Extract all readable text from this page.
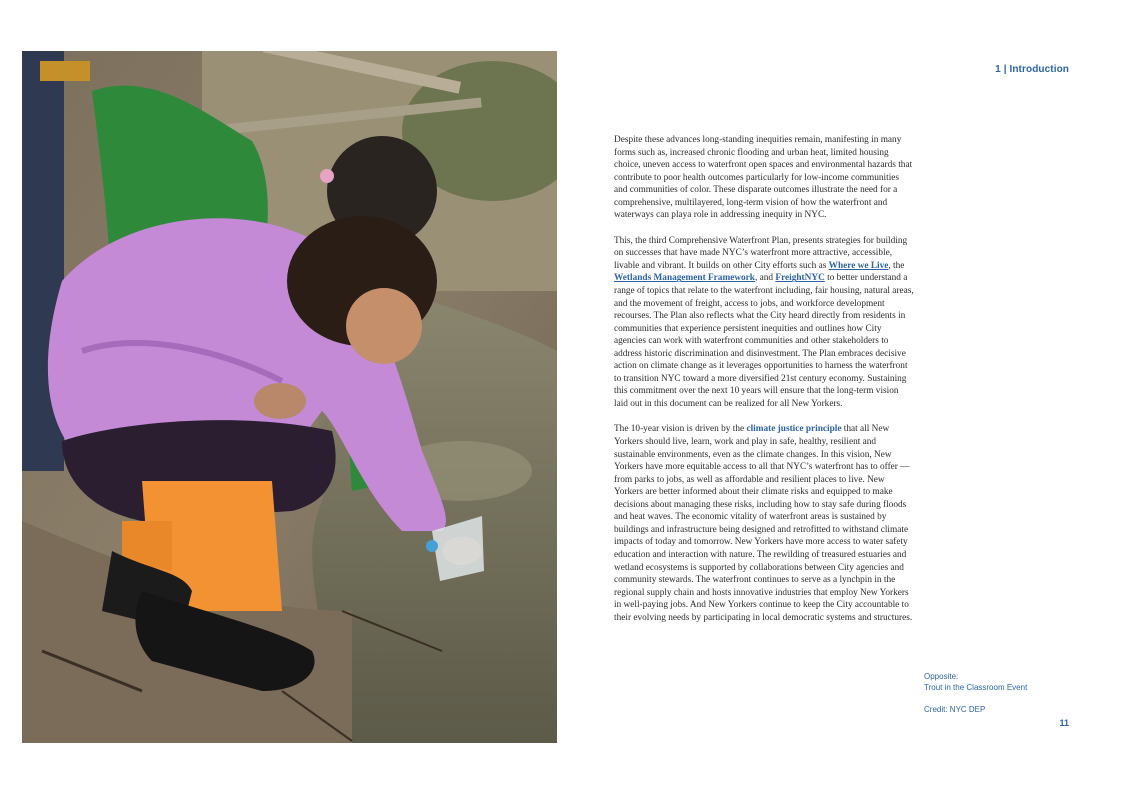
1 | Introduction

Despite these advances long-standing inequities remain, manifesting in many forms such as, increased chronic flooding and urban heat, limited housing choice, uneven access to waterfront open spaces and environmental hazards that contribute to poor health outcomes particularly for low-income communities and communities of color. These disparate outcomes illustrate the need for a comprehensive, multilayered, long-term vision of how the waterfront and waterways can playa role in addressing inequity in NYC.

This, the third Comprehensive Waterfront Plan, presents strategies for building on successes that have made NYC’s waterfront more attractive, accessible, livable and vibrant. It builds on other City efforts such as Where we Live, the Wetlands Management Framework, and FreightNYC to better understand a range of topics that relate to the waterfront including, fair housing, natural areas, and the movement of freight, access to jobs, and workforce development recourses. The Plan also reflects what the City heard directly from residents in communities that experience persistent inequities and outlines how City agencies can work with waterfront communities and other stakeholders to address historic discrimination and disinvestment. The Plan embraces decisive action on climate change as it leverages opportunities to harness the waterfront to transition NYC toward a more diversified 21st century economy. Sustaining this commitment over the next 10 years will ensure that the long-term vision laid out in this document can be realized for all New Yorkers.

The 10-year vision is driven by the climate justice principle that all New Yorkers should live, learn, work and play in safe, healthy, resilient and sustainable environments, even as the climate changes. In this vision, New Yorkers have more equitable access to all that NYC’s waterfront has to offer — from parks to jobs, as well as affordable and resilient places to live. New Yorkers are better informed about their climate risks and equipped to make decisions about managing these risks, including how to stay safe during floods and heat waves. The economic vitality of waterfront areas is sustained by buildings and infrastructure being designed and retrofitted to withstand climate impacts of today and tomorrow. New Yorkers have more access to water safety education and interaction with nature. The rewilding of treasured estuaries and wetland ecosystems is supported by collaborations between City agencies and community stewards. The waterfront continues to serve as a lynchpin in the regional supply chain and hosts innovative industries that employ New Yorkers in well-paying jobs. And New Yorkers continue to keep the City accountable to their evolving needs by participating in local democratic systems and structures.

Opposite:
Trout in the Classroom Event

Credit: NYC DEP

11
